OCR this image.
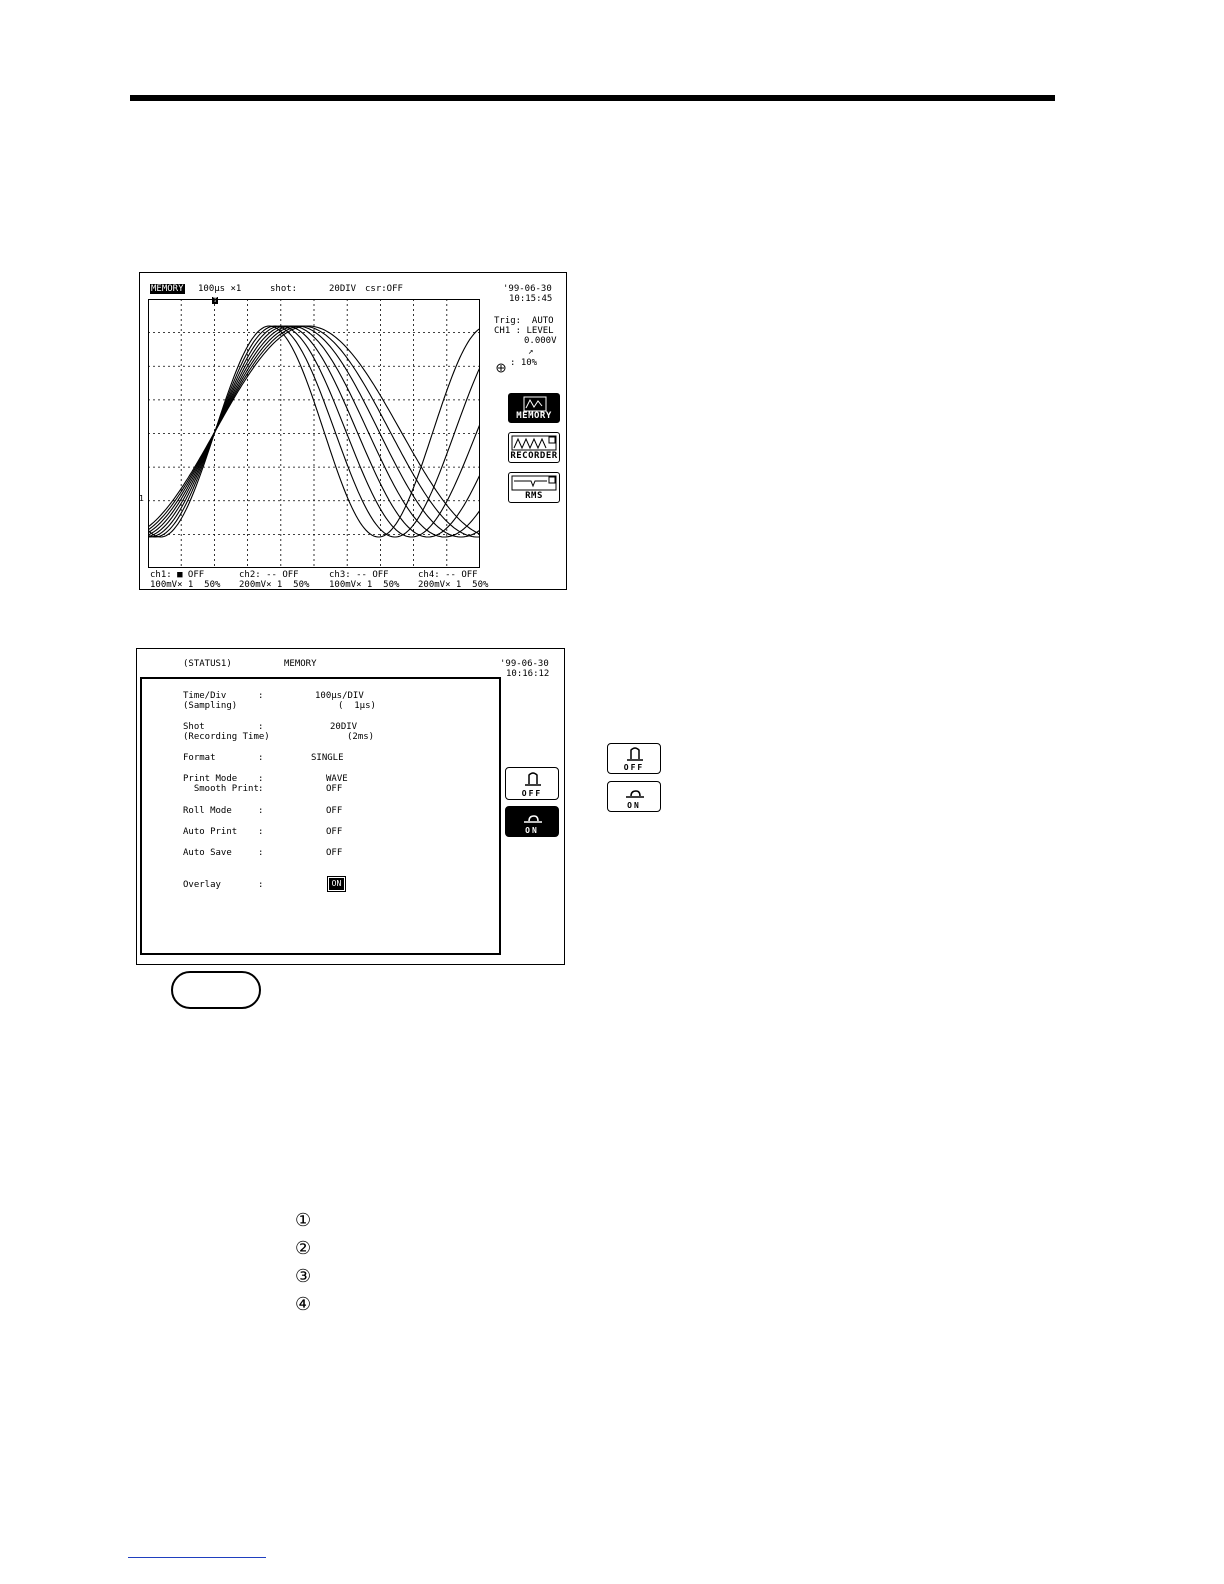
MEMORY 100μs ×1	shot:	20DIV csr:OFF	'99-06-30
10:15:45
T
1
Trig:  AUTO
CH1 : LEVEL
0.000V
↗
: 10%
MEMORY
RECORDER
RMS
ch1: ■ OFF
100mV× 1  50%
ch2: -- OFF
200mV× 1  50%
ch3: -- OFF
100mV× 1  50%
ch4: -- OFF
200mV× 1  50%
(STATUS1)	MEMORY	'99-06-30
10:16:12
Time/Div	:	100μs/DIV
(Sampling)	(  1μs)
Shot	:	20DIV
(Recording Time)	(2ms)
Format	:	SINGLE
Print Mode :	WAVE
Smooth Print :	OFF
Roll Mode	:	OFF
Auto Print :	OFF
Auto Save	:	OFF
Overlay	:	ON
OFF
ON
OFF
ON
①
②
③
④
